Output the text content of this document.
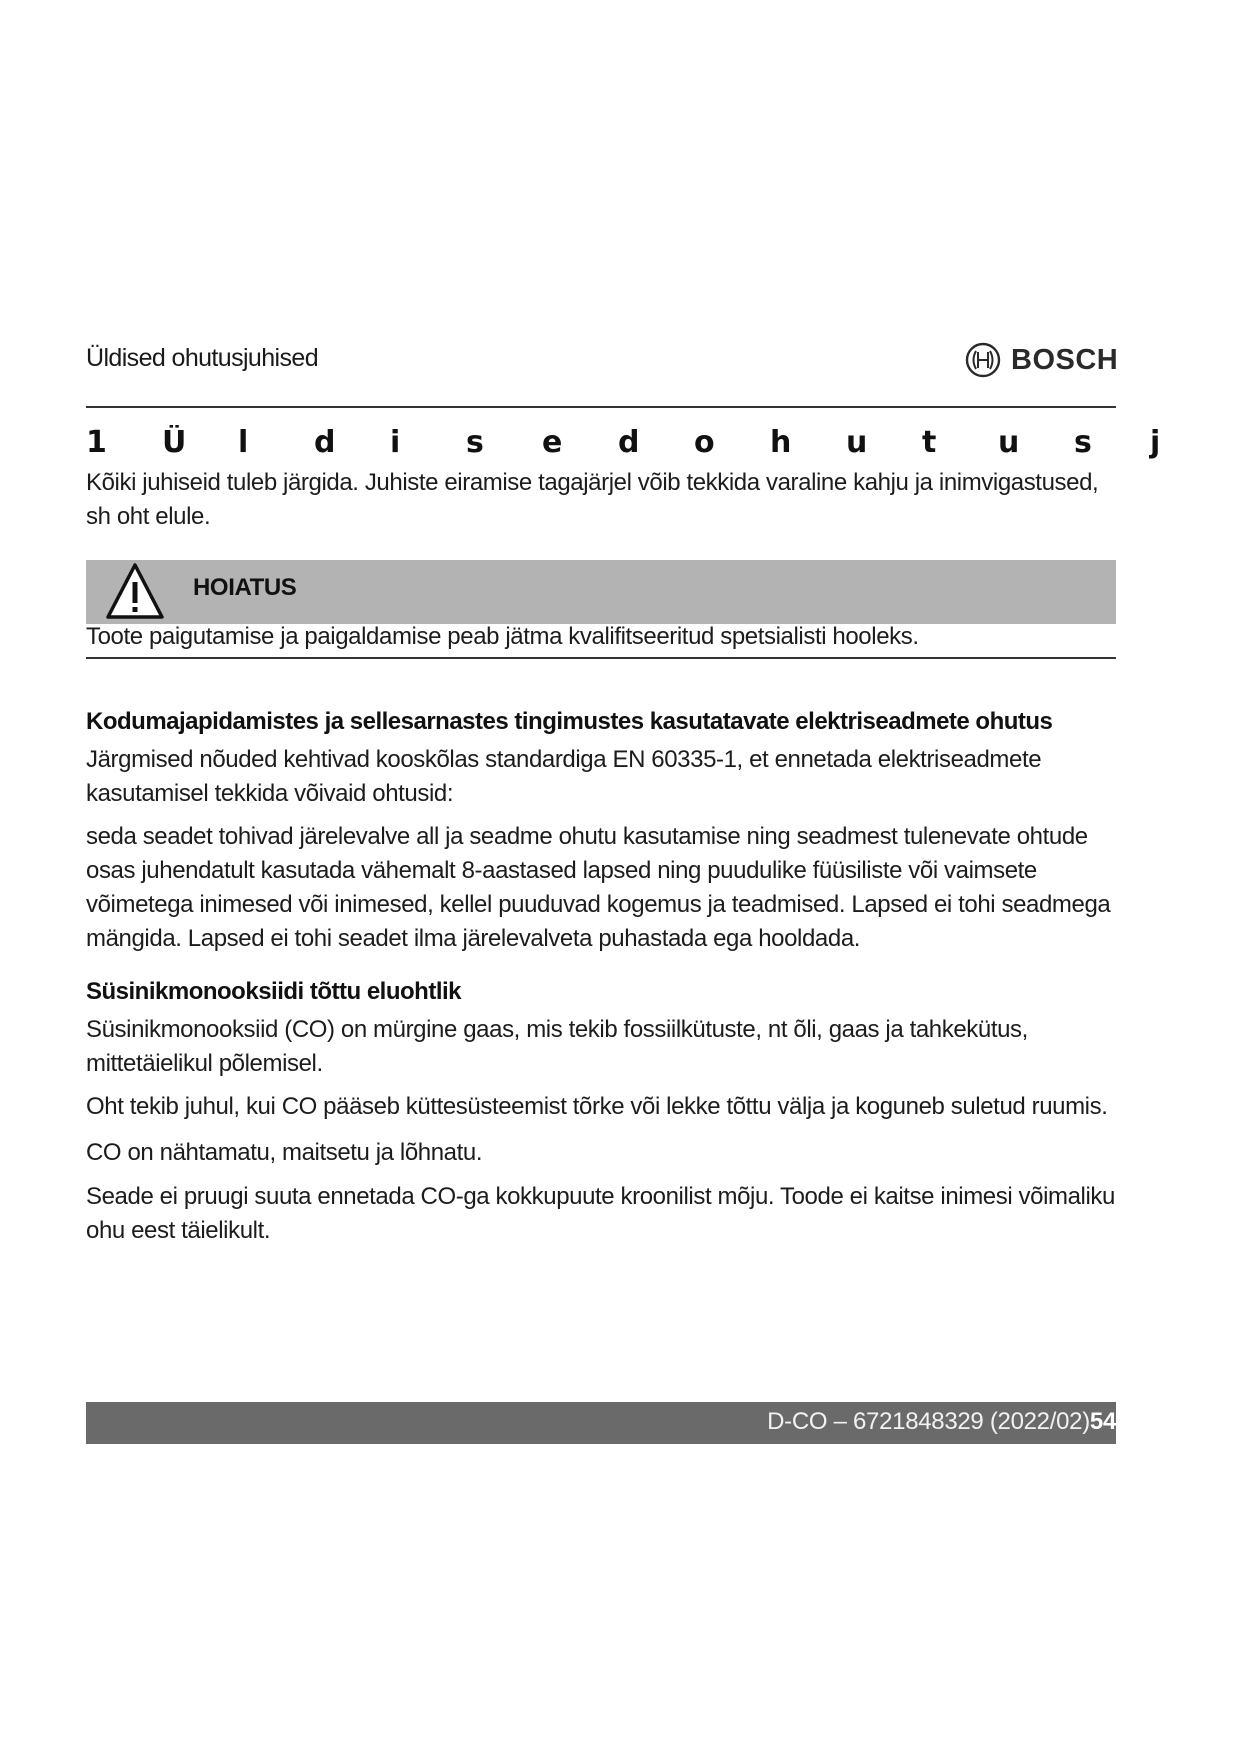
Üldised ohutusjuhised	BOSCH
1 Ü l d i s e d o h u t u s j
Kõiki juhiseid tuleb järgida. Juhiste eiramise tagajärjel võib tekkida varaline kahju ja inimvigastused, sh oht elule.
HOIATUS
Toote paigutamise ja paigaldamise peab jätma kvalifitseeritud spetsialisti hooleks.
Kodumajapidamistes ja sellesarnastes tingimustes kasutatavate elektriseadmete ohutus
Järgmised nõuded kehtivad kooskõlas standardiga EN 60335-1, et ennetada elektriseadmete kasutamisel tekkida võivaid ohtusid:
seda seadet tohivad järelevalve all ja seadme ohutu kasutamise ning seadmest tulenevate ohtude osas juhendatult kasutada vähemalt 8-aastased lapsed ning puudulike füüsiliste või vaimsete võimetega inimesed või inimesed, kellel puuduvad kogemus ja teadmised. Lapsed ei tohi seadmega mängida. Lapsed ei tohi seadet ilma järelevalveta puhastada ega hooldada.
Süsinikmonooksiidi tõttu eluohtlik
Süsinikmonooksiid (CO) on mürgine gaas, mis tekib fossiilkütuste, nt õli, gaas ja tahkekütus, mittetäielikul põlemisel.
Oht tekib juhul, kui CO pääseb küttesüsteemist tõrke või lekke tõttu välja ja koguneb suletud ruumis.
CO on nähtamatu, maitsetu ja lõhnatu.
Seade ei pruugi suuta ennetada CO-ga kokkupuute kroonilist mõju. Toode ei kaitse inimesi võimaliku ohu eest täielikult.
D-CO – 6721848329 (2022/02)54
